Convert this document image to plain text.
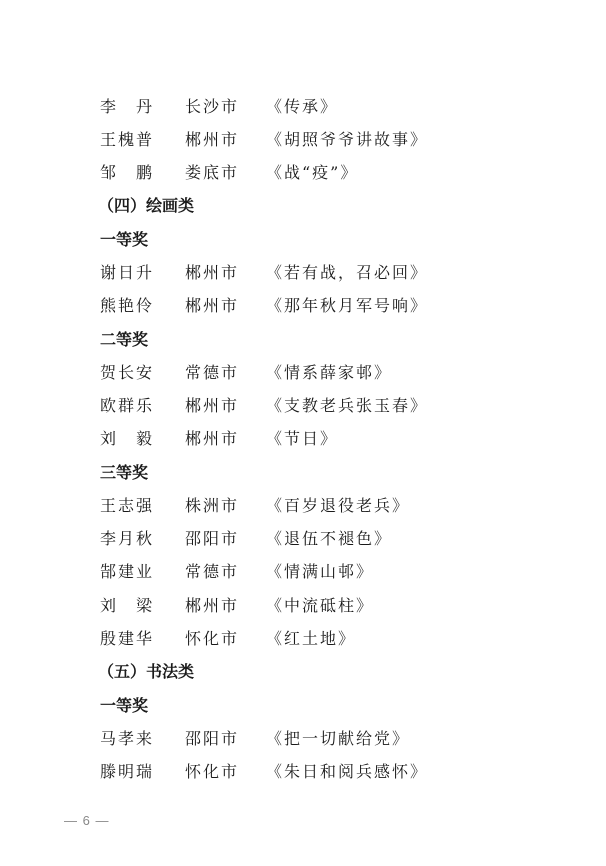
李　丹	长沙市	《传承》
王槐普	郴州市	《胡照爷爷讲故事》
邹　鹏	娄底市	《战“疫”》
（四）绘画类
一等奖
谢日升	郴州市	《若有战，召必回》
熊艳伶	郴州市	《那年秋月军号响》
二等奖
贺长安	常德市	《情系薛家邨》
欧群乐	郴州市	《支教老兵张玉春》
刘　毅	郴州市	《节日》
三等奖
王志强	株洲市	《百岁退役老兵》
李月秋	邵阳市	《退伍不褪色》
郜建业	常德市	《情满山邨》
刘　梁	郴州市	《中流砥柱》
殷建华	怀化市	《红土地》
（五）书法类
一等奖
马孝来	邵阳市	《把一切献给党》
滕明瑞	怀化市	《朱日和阅兵感怀》
— 6 —
